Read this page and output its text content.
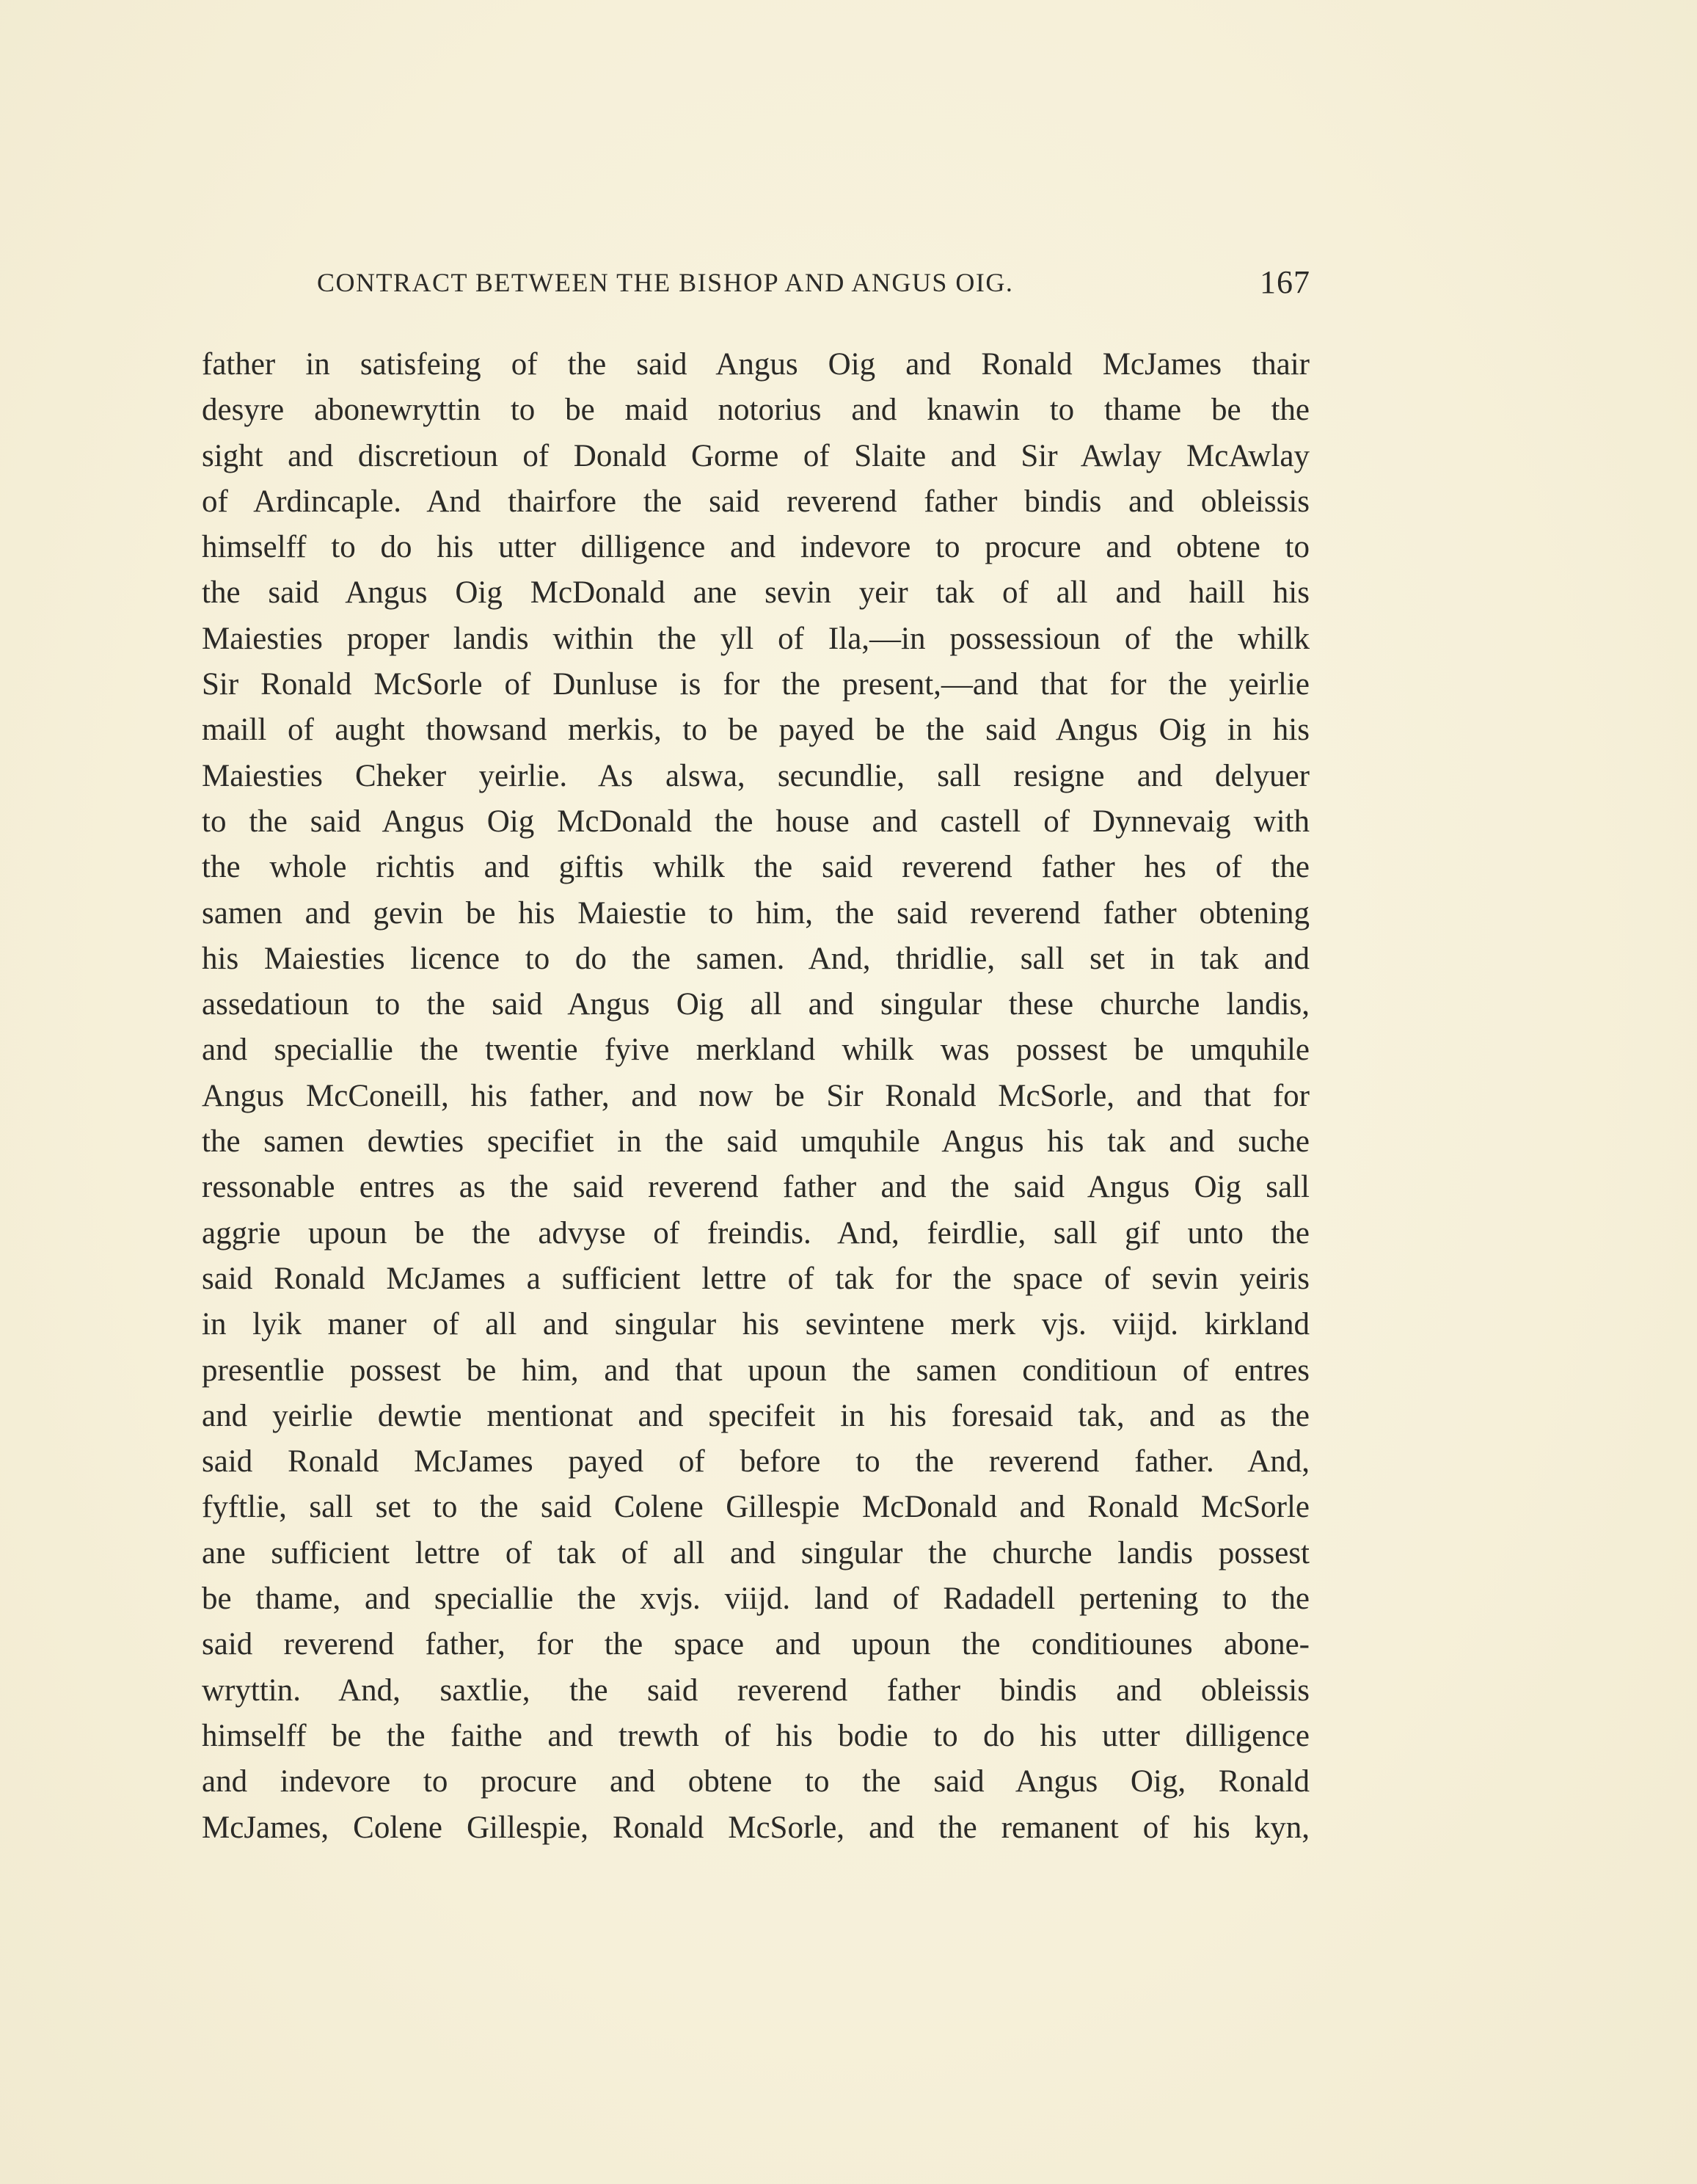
CONTRACT BETWEEN THE BISHOP AND ANGUS OIG.	167
father in satisfeing of the said Angus Oig and Ronald McJames thair
desyre abonewryttin to be maid notorius and knawin to thame be the
sight and discretioun of Donald Gorme of Slaite and Sir Awlay McAwlay
of Ardincaple. And thairfore the said reverend father bindis and obleissis
himselff to do his utter dilligence and indevore to procure and obtene to
the said Angus Oig McDonald ane sevin yeir tak of all and haill his
Maiesties proper landis within the yll of Ila,—in possessioun of the whilk
Sir Ronald McSorle of Dunluse is for the present,—and that for the yeirlie
maill of aught thowsand merkis, to be payed be the said Angus Oig in his
Maiesties Cheker yeirlie. As alswa, secundlie, sall resigne and delyuer
to the said Angus Oig McDonald the house and castell of Dynnevaig with
the whole richtis and giftis whilk the said reverend father hes of the
samen and gevin be his Maiestie to him, the said reverend father obtening
his Maiesties licence to do the samen. And, thridlie, sall set in tak and
assedatioun to the said Angus Oig all and singular these churche landis,
and speciallie the twentie fyive merkland whilk was possest be umquhile
Angus McConeill, his father, and now be Sir Ronald McSorle, and that for
the samen dewties specifiet in the said umquhile Angus his tak and suche
ressonable entres as the said reverend father and the said Angus Oig sall
aggrie upoun be the advyse of freindis. And, feirdlie, sall gif unto the
said Ronald McJames a sufficient lettre of tak for the space of sevin yeiris
in lyik maner of all and singular his sevintene merk vjs. viijd. kirkland
presentlie possest be him, and that upoun the samen conditioun of entres
and yeirlie dewtie mentionat and specifeit in his foresaid tak, and as the
said Ronald McJames payed of before to the reverend father. And,
fyftlie, sall set to the said Colene Gillespie McDonald and Ronald McSorle
ane sufficient lettre of tak of all and singular the churche landis possest
be thame, and speciallie the xvjs. viijd. land of Radadell pertening to the
said reverend father, for the space and upoun the conditiounes abone-
wryttin. And, saxtlie, the said reverend father bindis and obleissis
himselff be the faithe and trewth of his bodie to do his utter dilligence
and indevore to procure and obtene to the said Angus Oig, Ronald
McJames, Colene Gillespie, Ronald McSorle, and the remanent of his kyn,
